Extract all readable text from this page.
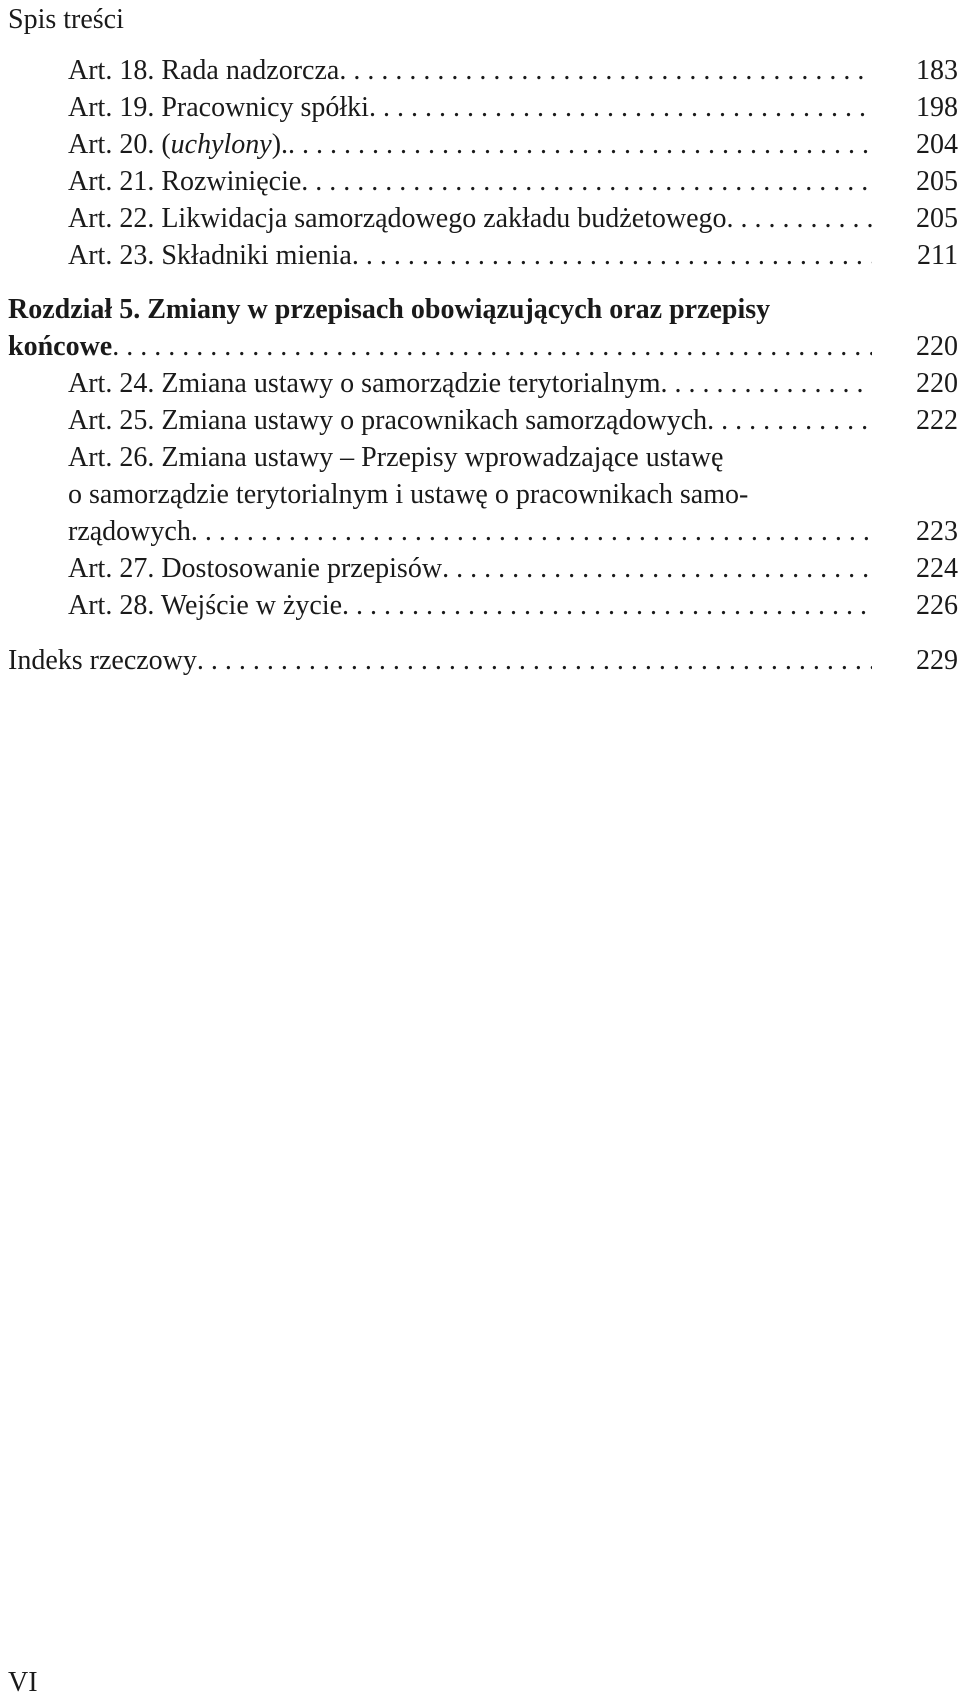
Spis treści
Art. 18. Rada nadzorcza . . .	183
Art. 19. Pracownicy spółki . . .	198
Art. 20. (uchylony). . . .	204
Art. 21. Rozwinięcie . . .	205
Art. 22. Likwidacja samorządowego zakładu budżetowego . . .	205
Art. 23. Składniki mienia . . .	211
Rozdział 5. Zmiany w przepisach obowiązujących oraz przepisy
końcowe . . .	220
Art. 24. Zmiana ustawy o samorządzie terytorialnym . . .	220
Art. 25. Zmiana ustawy o pracownikach samorządowych . . .	222
Art. 26. Zmiana ustawy – Przepisy wprowadzające ustawę
o samorządzie terytorialnym i ustawę o pracownikach samo-
rządowych . . .	223
Art. 27. Dostosowanie przepisów . . .	224
Art. 28. Wejście w życie . . .	226
Indeks rzeczowy . . .	229
VI
